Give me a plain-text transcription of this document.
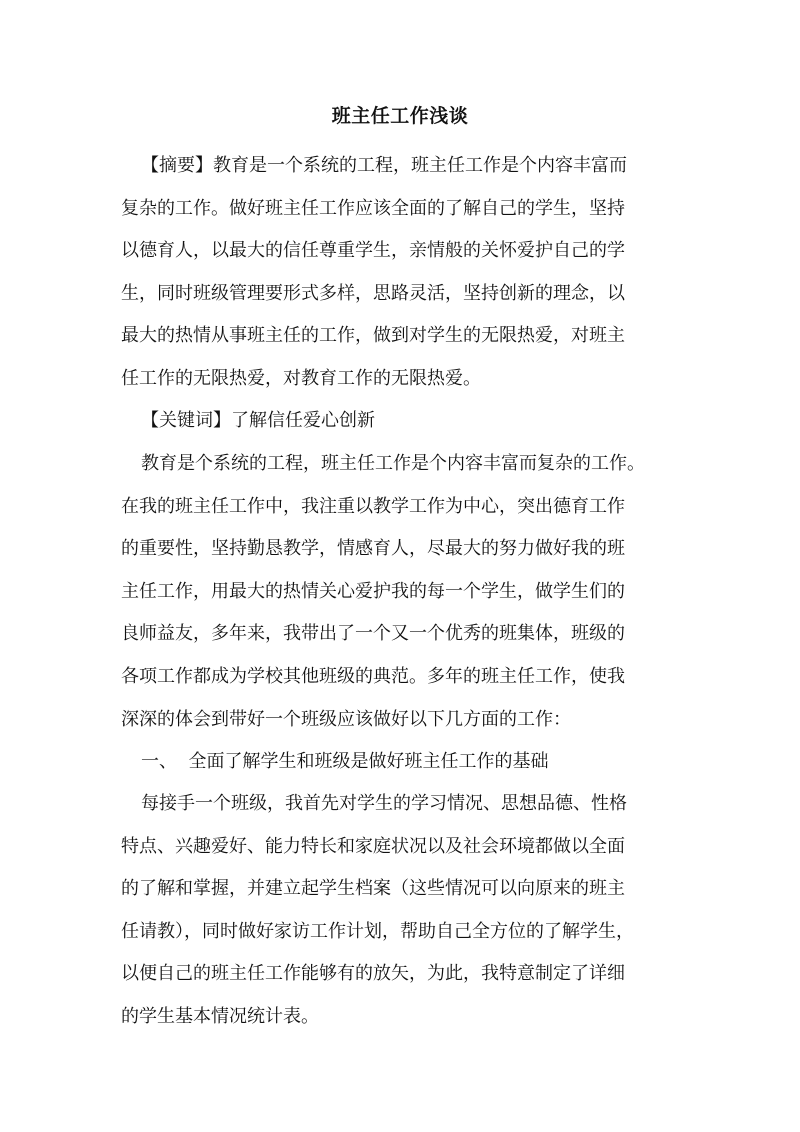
班主任工作浅谈
【摘要】教育是一个系统的工程，班主任工作是个内容丰富而
复杂的工作。做好班主任工作应该全面的了解自己的学生，坚持
以德育人，以最大的信任尊重学生，亲情般的关怀爱护自己的学
生，同时班级管理要形式多样，思路灵活，坚持创新的理念，以
最大的热情从事班主任的工作，做到对学生的无限热爱，对班主
任工作的无限热爱，对教育工作的无限热爱。
【关键词】了解信任爱心创新
教育是个系统的工程，班主任工作是个内容丰富而复杂的工作。
在我的班主任工作中，我注重以教学工作为中心，突出德育工作
的重要性，坚持勤恳教学，情感育人，尽最大的努力做好我的班
主任工作，用最大的热情关心爱护我的每一个学生，做学生们的
良师益友，多年来，我带出了一个又一个优秀的班集体，班级的
各项工作都成为学校其他班级的典范。多年的班主任工作，使我
深深的体会到带好一个班级应该做好以下几方面的工作：
一、  全面了解学生和班级是做好班主任工作的基础
每接手一个班级，我首先对学生的学习情况、思想品德、性格
特点、兴趣爱好、能力特长和家庭状况以及社会环境都做以全面
的了解和掌握，并建立起学生档案（这些情况可以向原来的班主
任请教），同时做好家访工作计划，帮助自己全方位的了解学生，
以便自己的班主任工作能够有的放矢，为此，我特意制定了详细
的学生基本情况统计表。
